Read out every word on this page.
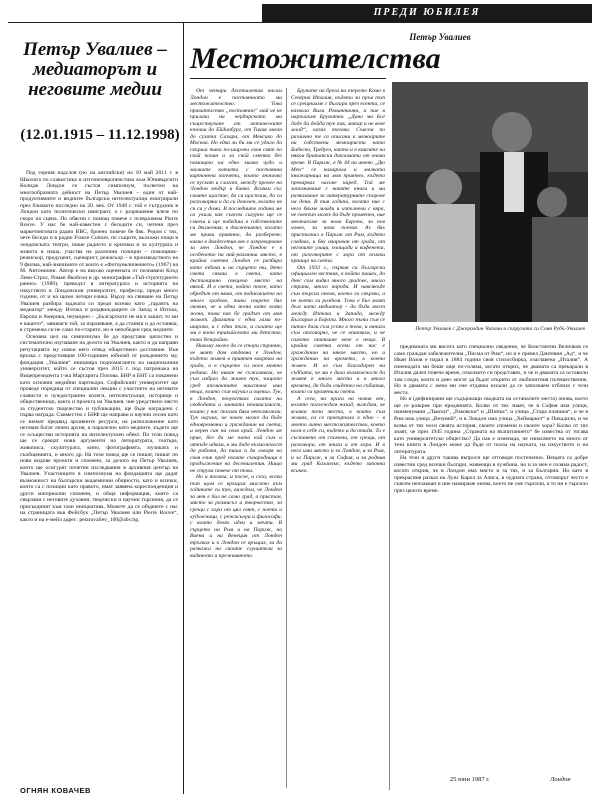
ПРЕДИ ЮБИЛЕЯ
Петър Увалиев – медиаторът и неговите медии
(12.01.1915 – 11.12.1998)

Под горния надслов (но на английски) на 10 май 2011 г. в Школата по славистика и източноевропеистика към Юнивърсити Колидж Лондон се състоя симпозиум, посветен на многообразната дейност на Петър Увалиев – един от най-продуктивните и видните български интелектуалци емигрирали през близкото последно на 20. век. От 1948 г. той е сътрудник в Лондон като политически имигрант, а с разрешение влезе по скоро на сцена. По обясни с помощ повече с псевдонима Pierre Rouve. У нас бе най-известен с беседите си, четени през маркетинговата радио BBC, броено повече бе бяк. Редом с тях, чете беседи и в радио France Culture, по същите, възложи пощи в лондонската театри, пише радиото и критики и за културата и живота в наша, участва на различни позиции – помощник-режисьор, продуцент, сценарист, режисьор – в производството на 9 филма, най-значимите от които е «Фотоувеличението» (1967) на М. Антониони. Автор е на високо оценената от познавачи Клод Леви-Строс, Роман Якобсон и др. монография «Тъй-структурното ранно» (1980), преводът в литературата и историята на изкуството в Лондонския университет, професор, преди много години, от и на щомо четири езика. Върху на свиване на Петър Увалиев разбира задачата си преди всичко като „гарантъ на медиатор“ между Изтока и раздвиждащите се Запад и Изтока, Европа и Америка, неуморно – „Българското не ми е зашит, то ми е вашето“, завинаги той, за изразяване, а да станеш и да останеш, в стремежа си не само по-старите, но и непобеден сред медиите.

Основна цел на симпозиума бе да представи цялостно и систематично изучаване на делото на Увалиев, както и да направи репутацията му извън него отвъд обществено достояние. Във връзка с предстоящия 100-годишен юбилей от рождението му, фондация „Увалиев“ инициира подпомагането на националния университет, който се състоя през 2015 г. под патронажа на Вицепрезидента г-жа Маргарита Попова. БНР и БНТ са поканени като основни медийни партньори. Софийският университет ще проведе поредица от специални лекции с участието на неговите слависти и чуждестранни колеги, интелектуалци, историци и общественици, както и проекта на Увалиев, чие уредствено място за студентско творчество и публикации, ще бъде наградено с първа награда. Съвместно с БНФ ще направи и научни сесии като се вземат предвид архивните ресурси, на разположение като неговия богат личен архив, и паралелно като медиите, където ще се осъществи историята на интелектуален обект. По този повод ще се срещат нови аргументи на литературата, театъра, живописа, скулптурата, кино, фотографията, музиката и съобщенията, и много др. На този повод ще се пишат, пишат по нови видове проекти и спомени, за делото на Петър Увалиев, които ще осигурят почетни изследвания в архивния център на Увалиев. Участниците в симпозиума на фондацията ще дадат възможност на български академични общности, като и всички, които са с позиции като правото, имат заявена кореспонденция и други материални спомени, и обща информация, които са свързани с неговите духовни, творчески и научни търсения, да се присъединят към тази инициатива. Можете да се обърнете с нас на страницата във Фейсбук „Петър Увалиев или Pierre Rouve“, както и на е-мейл адрес: petaruvaliev_100@abv.bg.

ОГНЯН КОВАЧЕВ
Петър Увалиев
Местожителства

От четири десетилетия насам Лондон е постоянното ми местожителство. Това правителство „постоянно“ май че не прилича на чердарското ми съществуване от актическите юноши до Ейдинбург, от Тихия океан до сухата Сахара, от Мексико до Москва. Но едва ли би ми се удало да свърша така по-широки своя свят по свой почин и за свой сметка без помощта на едно малко чудо и малките копчета с постоянни картонени копчета, които мъничко се пускат и слагат, между прочее на Лондон мъдър и бавно. Всички със своите щастие, да си щастлив, да си разговаряш и да си доволен, когато не си си у дома. В последните години ме са учили как съвсем сигурно ще се смееш и ще победиш в собствените си движения, в движението, когато ме прави приятно, да разберете, какво в двадесетия век е изпреварване за мен Лондон, че Лондон е в особеното на най-различна място, в крайна сметка Лондон се разбира като ездачи и на сърцето ти, дето свети сякаш в света, като дестилирано свещено място на някой. И в света, който поеле, като обредът от няма, от подножието на много градове, така свирепо бях окован, че и една жена като всяка жена, това пак бе градът от моя живот. Двамата с една гама по-широка, и с една тъга, и силата ще ми е като тракийското ми детство, така безкрайно.

Никому може да се стори странно, че моят дом отдавна е Лондон, където живея в приятен квартал на града, а в сърцето си нося моята родина. Но никак не съжалявам, че съм избрал да живея тук, защото сред англичаните наистина има неща, които съм научил и оценил. Тук, в Лондон, почувствах силата на свободата и личната независимост, които у нас тогава бяха невъзможни. Тук научих, че човек може да бъде едновременно и гражданин на света, и верен син на своя край. Лондон ме прие, без да ме пита кой съм и откъде идвам, и ми даде възможност да работя, да пиша и да говоря на своя език пред своите сънародници в продължение на десетилетия. Нищо не струва повече от това.

Но и тогава, и после, и сега, всеки път щом се връщам мислено към годините си тук, виждам, че Лондон за мен е бил не само град, а пристан, място за размисъл и творчество, за срещи с хора от цял свят, с поети и художници, с режисьори и философи, с които делях идеи и мечти. В сърцето на Рим и на Париж, на Виена и на Венеция от Лондон тръгвах и в Лондон се връщах, за да разкажа на своите слушатели за видяното и преживяното.

Брунате на брега на езерото Комо в Северна Италия, където за пръв път се срещнахме с българи през есента, се казвала Вила Романтична, а ние я наричахме Брунатея. „Дано ми Бог даде да дойда тук пак, макар и не вече млад“, казах тогава. Съвсем по различно те са описани в мемоарите на собствени мемоаристи като Бибеско, Тредуел, както и в книгите на някои британски дипломати от онова време. В Париж, в № 44 на авеню „Дю Мен“ се намирала и малката книжарница на моя приятел, където прекарвах часове наред. Той ме запознаваше с новите книги и ми разказваше за литературните спорове на деня. В тия години, когато ние с него бяхме млади и изпълнени с вяра, че светът може да бъде променен, ние мечтаехме за нова Европа, за нов човек, за нова поезия. Аз бях пристигнал в Париж от Рим, където следвах, и бях очарован от града, от неговите улици, площади и кафенета, от разговорите с хора от всички краища на света.

От 1933 г., първия си български официален вестник, в който пишех, до днес съм видял много градове, много страни, много народи. И навсякъде съм търсил онова, което ги свързва, а не което ги разделя. Това е бил моят дълг като медиатор – да бъда мост между Изтока и Запада, между България и Европа. Много пъти съм се питал дали съм успял в това, и винаги съм отговарял, че се опитвам, и че самото опитване вече е нещо. В крайна сметка всеки от нас е гражданин на някое място, но и гражданин на времето, в което живее. И аз съм благодарен на съдбата, че ми е дала възможност да живея в много места и в много времена, да бъда свидетел на събития, които са променили света.

А сега, на прага на новия век, когато поглеждам назад, виждам, че всички тези места, в които съм живял, са се превърнали в едно – в моето лично местожителство, което нося в себе си, където и да отида. То е съставено от спомени, от срещи, от разговори, от книги и от хора. И в него има място и за Лондон, и за Рим, и за Париж, и за София, и за родния ми град Казанлък, където започна всичко.

Петър Увалиев с Джералдин Чаплин и съпругата си Соня Рубъ-Увалиев

предимната ми висота като специално сведение, че Константин Величков се само граждан забележителна „Писма от Рим“, но и е превел Дантевия „Ад“, и че Иван Вазов е издал в 1884 година своя стихосбирка, озаглавена „Италия“. А изненадата ми беше още по-голяма, когато открих, че двамата са прекарали в Италия далеч повече време, отколкото си представях, и че и двамата са оставили там следи, които и днес могат да бъдат открити от любопитния пътешественик. Но и двамата с жена ми сме отдавна искали да се запознаем отблизо с тези места.

Но и (дефинирани ще съдържащи сводката на останалите места) онова, което ще се разкрие при преданията. Колко от тях знаят, че в София има улици, наименувани „Лъвски“, „Раковски“ и „Шипка“, и улица „Стара планина“, и че в Рим има улица „Везувий“, и в Лондон има улица „Хеймаркет“ и Пикадили, и че всяка от тях носи своята история, своите спомени и своите хора? Колко от тях знаят, че през 1945 година „Страната на възпитанието“ бе известна от тогава като университетско общество? Да пак е изненада, че изнасянето на много от тези книги в Лондон може да бъде от полза на науката, на изкуството и на литературата.

На тези и други такива въпроси ще отговоря постепенно. Нещата са добре известни сред всички българи, живеещи в чужбина, но и за мен е голяма радост, когато открия, че в Лондон има място и за тях, и за България. Но като в прекрасния разказ на Луис Карол за Алиса, в чудната страна, отговорът често е съвсем неочакван и ние намираме онова, което не сме търсили, а то ни е търсило през цялото време.

25 юни 1987 г.	Лондон
